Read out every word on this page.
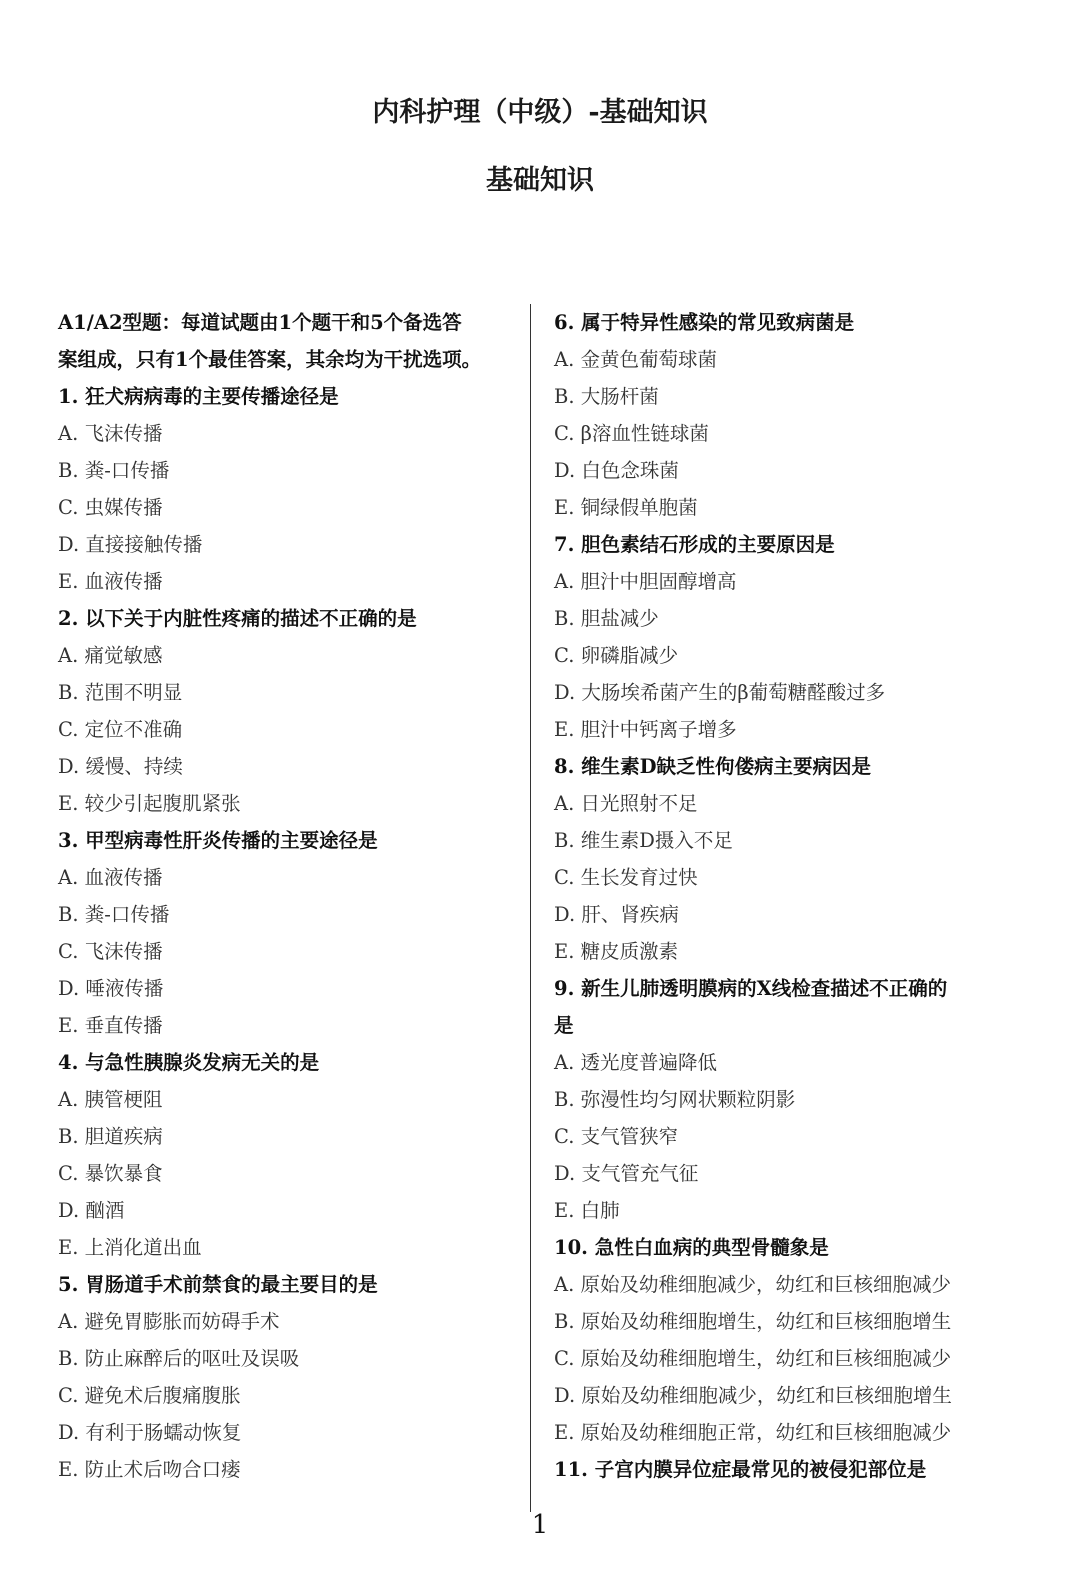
内科护理（中级）-基础知识
基础知识
A1/A2型题：每道试题由1个题干和5个备选答
案组成，只有1个最佳答案，其余均为干扰选项。
1. 狂犬病病毒的主要传播途径是
A. 飞沫传播
B. 粪-口传播
C. 虫媒传播
D. 直接接触传播
E. 血液传播
2. 以下关于内脏性疼痛的描述不正确的是
A. 痛觉敏感
B. 范围不明显
C. 定位不准确
D. 缓慢、持续
E. 较少引起腹肌紧张
3. 甲型病毒性肝炎传播的主要途径是
A. 血液传播
B. 粪-口传播
C. 飞沫传播
D. 唾液传播
E. 垂直传播
4. 与急性胰腺炎发病无关的是
A. 胰管梗阻
B. 胆道疾病
C. 暴饮暴食
D. 酗酒
E. 上消化道出血
5. 胃肠道手术前禁食的最主要目的是
A. 避免胃膨胀而妨碍手术
B. 防止麻醉后的呕吐及误吸
C. 避免术后腹痛腹胀
D. 有利于肠蠕动恢复
E. 防止术后吻合口瘘
6. 属于特异性感染的常见致病菌是
A. 金黄色葡萄球菌
B. 大肠杆菌
C. β溶血性链球菌
D. 白色念珠菌
E. 铜绿假单胞菌
7. 胆色素结石形成的主要原因是
A. 胆汁中胆固醇增高
B. 胆盐减少
C. 卵磷脂减少
D. 大肠埃希菌产生的β葡萄糖醛酸过多
E. 胆汁中钙离子增多
8. 维生素D缺乏性佝偻病主要病因是
A. 日光照射不足
B. 维生素D摄入不足
C. 生长发育过快
D. 肝、肾疾病
E. 糖皮质激素
9. 新生儿肺透明膜病的X线检查描述不正确的
是
A. 透光度普遍降低
B. 弥漫性均匀网状颗粒阴影
C. 支气管狭窄
D. 支气管充气征
E. 白肺
10. 急性白血病的典型骨髓象是
A. 原始及幼稚细胞减少，幼红和巨核细胞减少
B. 原始及幼稚细胞增生，幼红和巨核细胞增生
C. 原始及幼稚细胞增生，幼红和巨核细胞减少
D. 原始及幼稚细胞减少，幼红和巨核细胞增生
E. 原始及幼稚细胞正常，幼红和巨核细胞减少
11. 子宫内膜异位症最常见的被侵犯部位是
1
